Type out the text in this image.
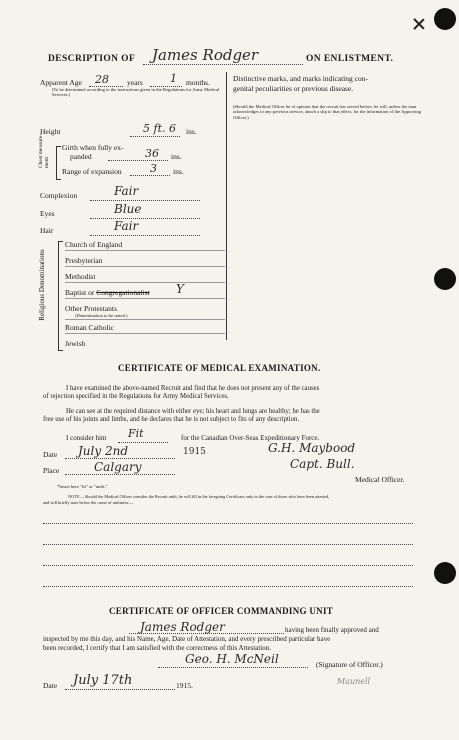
DESCRIPTION OF James Rodger	ON ENLISTMENT.
Apparent Age 28 years 1 months.
(To be determined according to the instructions given in the Regulations for Army Medical Services.)
Distinctive marks, and marks indicating con-
genital peculiarities or previous disease.
(Should the Medical Officer be of opinion that the recruit has served before, he will, unless the man acknowledges to any previous service, attach a slip to that effect, for the information of the Approving Officer.)
Height	5 ft. 6 ins.
Chest measure-ment
Girth when fully ex-
panded	36 ins.
Range of expansion	3 ins.
Complexion	Fair
Eyes	Blue
Hair	Fair
Religious Denominations
Church of England
Presbyterian
Methodist
Baptist or Congregationalist Y
Other Protestants
(Denomination to be stated.)
Roman Catholic
Jewish
CERTIFICATE OF MEDICAL EXAMINATION.
I have examined the above-named Recruit and find that he does not present any of the causes
of rejection specified in the Regulations for Army Medical Services.
He can see at the required distance with either eye; his heart and lungs are healthy; he has the
free use of his joints and limbs, and he declares that he is not subject to fits of any description.
I consider him Fit	for the Canadian Over-Seas Expeditionary Force.
Date July 2nd	1915	G.H. Maybood
Capt. Bull.
Place	Calgary
Medical Officer.
*Insert here "fit" or "unfit."
NOTE.—Should the Medical Officer consider the Recruit unfit, he will fill in the foregoing Certificate only in the case of those who have been attested,
and will briefly state below the cause of unfitness:—
CERTIFICATE OF OFFICER COMMANDING UNIT
James Rodger	having been finally approved and
inspected by me this day, and his Name, Age, Date of Attestation, and every prescribed particular have
been recorded, I certify that I am satisfied with the correctness of this Attestation.
Geo. H. McNeil	(Signature of Officer.)
Date July 17th	1915.	Maunell
